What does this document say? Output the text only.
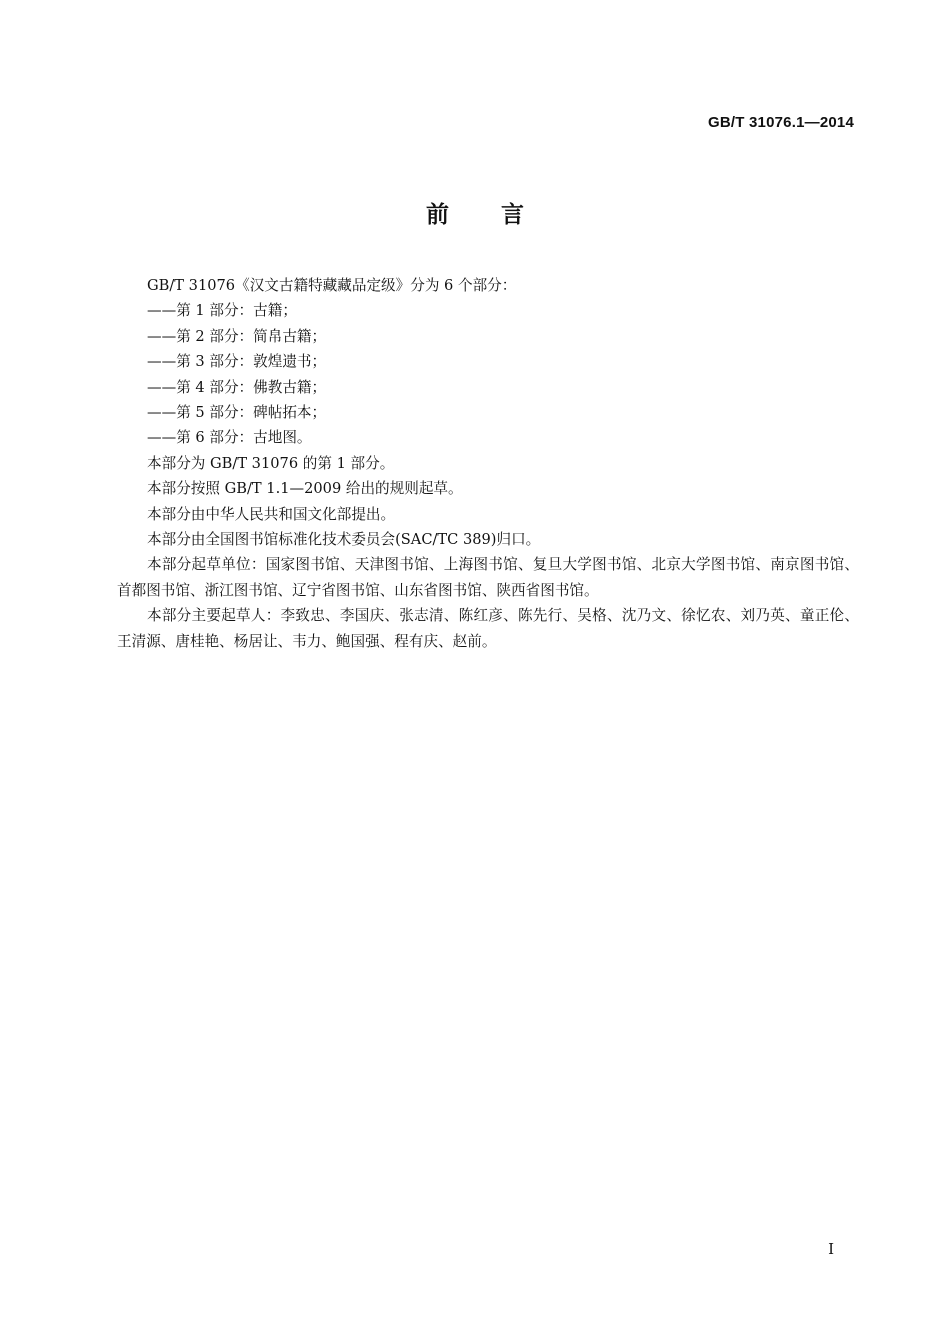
GB/T 31076.1—2014
前 言

GB/T 31076《汉文古籍特藏藏品定级》分为 6 个部分：

——第 1 部分：古籍；

——第 2 部分：简帛古籍；

——第 3 部分：敦煌遗书；

——第 4 部分：佛教古籍；

——第 5 部分：碑帖拓本；

——第 6 部分：古地图。

本部分为 GB/T 31076 的第 1 部分。

本部分按照 GB/T 1.1—2009 给出的规则起草。

本部分由中华人民共和国文化部提出。

本部分由全国图书馆标准化技术委员会(SAC/TC 389)归口。

本部分起草单位：国家图书馆、天津图书馆、上海图书馆、复旦大学图书馆、北京大学图书馆、南京图书馆、首都图书馆、浙江图书馆、辽宁省图书馆、山东省图书馆、陕西省图书馆。

本部分主要起草人：李致忠、李国庆、张志清、陈红彦、陈先行、吴格、沈乃文、徐忆农、刘乃英、童正伦、王清源、唐桂艳、杨居让、韦力、鲍国强、程有庆、赵前。

I
